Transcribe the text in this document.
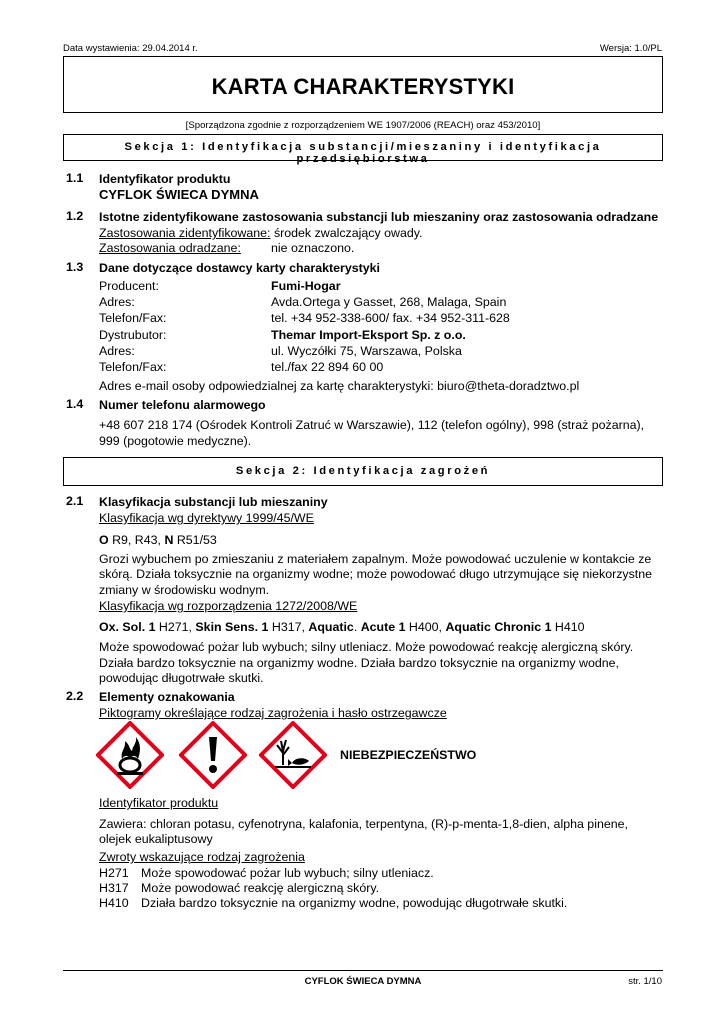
Data wystawienia: 29.04.2014 r.	Wersja: 1.0/PL
KARTA CHARAKTERYSTYKI
[Sporządzona zgodnie z rozporządzeniem WE 1907/2006 (REACH) oraz 453/2010]
Sekcja 1: Identyfikacja substancji/mieszaniny i identyfikacja przedsiębiorstwa
1.1 Identyfikator produktu
CYFLOK ŚWIECA DYMNA
1.2 Istotne zidentyfikowane zastosowania substancji lub mieszaniny oraz zastosowania odradzane
Zastosowania zidentyfikowane: środek zwalczający owady.
Zastosowania odradzane: nie oznaczono.
1.3 Dane dotyczące dostawcy karty charakterystyki
Producent:	Fumi-Hogar
Adres:	Avda.Ortega y Gasset, 268, Malaga, Spain
Telefon/Fax:	tel. +34 952-338-600/ fax. +34 952-311-628
Dystrubutor:	Themar Import-Eksport Sp. z o.o.
Adres:	ul. Wyczółki 75, Warszawa, Polska
Telefon/Fax:	tel./fax 22 894 60 00
Adres e-mail osoby odpowiedzialnej za kartę charakterystyki: biuro@theta-doradztwo.pl
1.4 Numer telefonu alarmowego
+48 607 218 174 (Ośrodek Kontroli Zatruć w Warszawie), 112 (telefon ogólny), 998 (straż pożarna),
999 (pogotowie medyczne).
Sekcja 2: Identyfikacja zagrożeń
2.1 Klasyfikacja substancji lub mieszaniny
Klasyfikacja wg dyrektywy 1999/45/WE
O R9, R43, N R51/53
Grozi wybuchem po zmieszaniu z materiałem zapalnym. Może powodować uczulenie w kontakcie ze
skórą. Działa toksycznie na organizmy wodne; może powodować długo utrzymujące się niekorzystne
zmiany w środowisku wodnym.
Klasyfikacja wg rozporządzenia 1272/2008/WE
Ox. Sol. 1 H271, Skin Sens. 1 H317, Aquatic. Acute 1 H400, Aquatic Chronic 1 H410
Może spowodować pożar lub wybuch; silny utleniacz. Może powodować reakcję alergiczną skóry.
Działa bardzo toksycznie na organizmy wodne. Działa bardzo toksycznie na organizmy wodne,
powodując długotrwałe skutki.
2.2 Elementy oznakowania
Piktogramy określające rodzaj zagrożenia i hasło ostrzegawcze
NIEBEZPIECZEŃSTWO
Identyfikator produktu
Zawiera: chloran potasu, cyfenotryna, kalafonia, terpentyna, (R)-p-menta-1,8-dien, alpha pinene,
olejek eukaliptusowy
Zwroty wskazujące rodzaj zagrożenia
H271 Może spowodować pożar lub wybuch; silny utleniacz.
H317 Może powodować reakcję alergiczną skóry.
H410 Działa bardzo toksycznie na organizmy wodne, powodując długotrwałe skutki.
CYFLOK ŚWIECA DYMNA	str. 1/10
